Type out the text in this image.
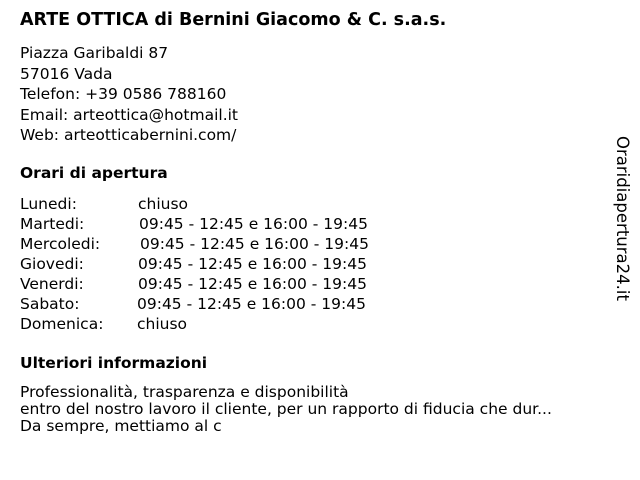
ARTE OTTICA di Bernini Giacomo & C. s.a.s.
Piazza Garibaldi 87
57016 Vada
Telefon: +39 0586 788160
Email: arteottica@hotmail.it
Web: arteotticabernini.com/
Orari di apertura
Lunedi:	chiuso
Martedi:	09:45 - 12:45 e 16:00 - 19:45
Mercoledi:	09:45 - 12:45 e 16:00 - 19:45
Giovedi:	09:45 - 12:45 e 16:00 - 19:45
Venerdi:	09:45 - 12:45 e 16:00 - 19:45
Sabato:	09:45 - 12:45 e 16:00 - 19:45
Domenica: chiuso
Ulteriori informazioni
Professionalità, trasparenza e disponibilità
entro del nostro lavoro il cliente, per un rapporto di fiducia che dur...
Da sempre, mettiamo al c
Oraridiapertura24.it
